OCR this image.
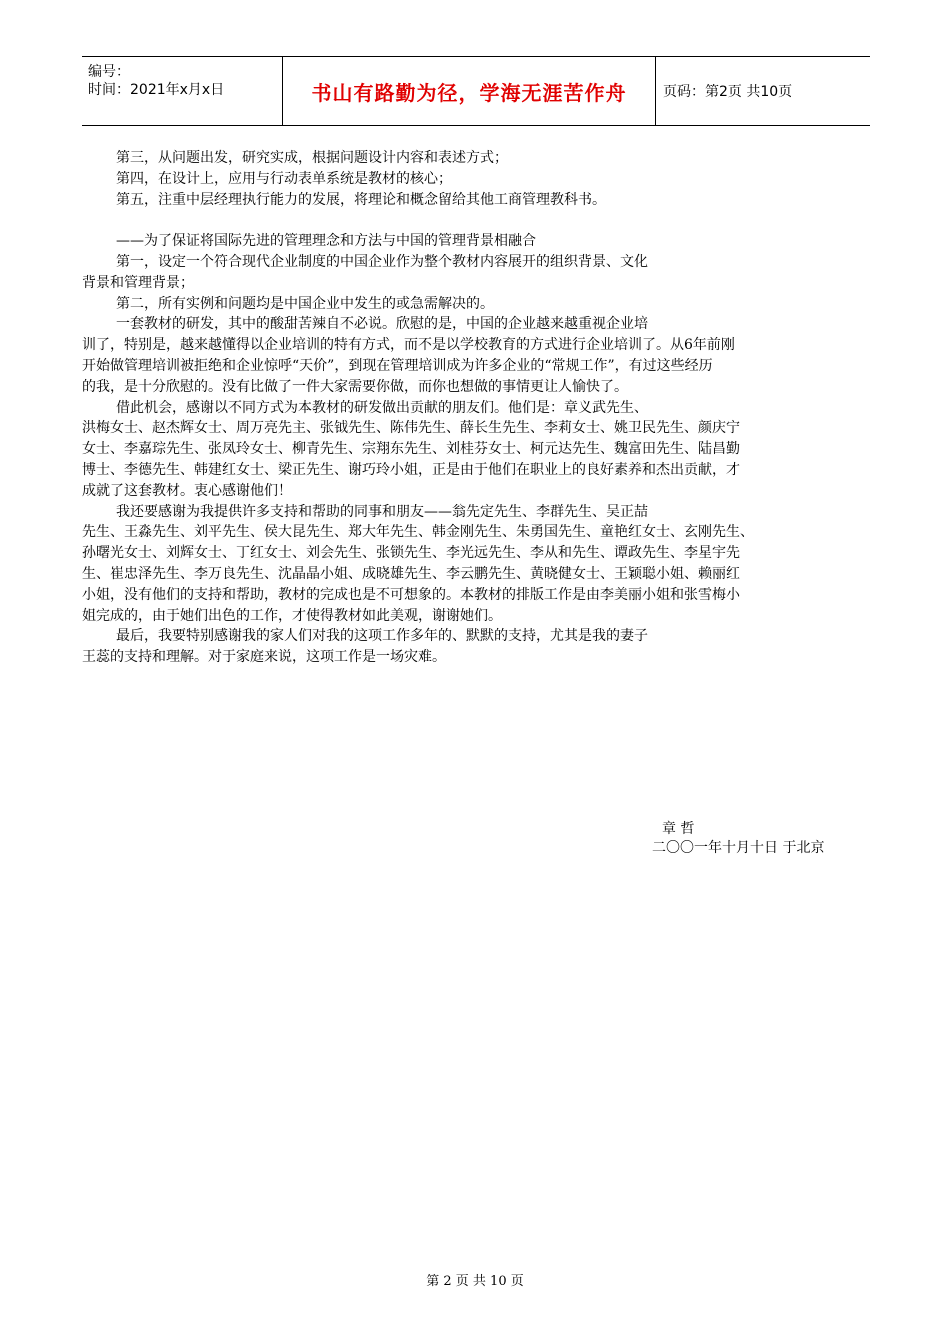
编号：
时间：2021年x月x日	书山有路勤为径，学海无涯苦作舟	页码：第2页 共10页

第三，从问题出发，研究实成，根据问题设计内容和表述方式；

第四，在设计上，应用与行动表单系统是教材的核心；

第五，注重中层经理执行能力的发展，将理论和概念留给其他工商管理教科书。

——为了保证将国际先进的管理理念和方法与中国的管理背景相融合

第一，设定一个符合现代企业制度的中国企业作为整个教材内容展开的组织背景、文化

背景和管理背景；

第二，所有实例和问题均是中国企业中发生的或急需解决的。

一套教材的研发，其中的酸甜苦辣自不必说。欣慰的是，中国的企业越来越重视企业培

训了，特别是，越来越懂得以企业培训的特有方式，而不是以学校教育的方式进行企业培训了。从6年前刚

开始做管理培训被拒绝和企业惊呼“天价”，到现在管理培训成为许多企业的“常规工作”，有过这些经历

的我，是十分欣慰的。没有比做了一件大家需要你做，而你也想做的事情更让人愉快了。

借此机会，感谢以不同方式为本教材的研发做出贡献的朋友们。他们是：章义武先生、

洪梅女士、赵杰辉女士、周万亮先主、张钺先生、陈伟先生、薛长生先生、李莉女士、姚卫民先生、颜庆宁

女士、李嘉琮先生、张凤玲女士、柳青先生、宗翔东先生、刘桂芬女士、柯元达先生、魏富田先生、陆昌勤

博士、李德先生、韩建红女士、梁正先生、谢巧玲小姐，正是由于他们在职业上的良好素养和杰出贡献，才

成就了这套教材。衷心感谢他们！

我还要感谢为我提供许多支持和帮助的同事和朋友——翁先定先生、李群先生、吴正喆

先生、王淼先生、刘平先生、侯大昆先生、郑大年先生、韩金刚先生、朱勇国先生、童艳红女士、玄刚先生、

孙曙光女士、刘辉女士、丁红女士、刘会先生、张锁先生、李光远先生、李从和先生、谭政先生、李星宇先

生、崔忠泽先生、李万良先生、沈晶晶小姐、成晓雄先生、李云鹏先生、黄晓健女士、王颖聪小姐、赖丽红

小姐，没有他们的支持和帮助，教材的完成也是不可想象的。本教材的排版工作是由李美丽小姐和张雪梅小

姐完成的，由于她们出色的工作，才使得教材如此美观，谢谢她们。

最后，我要特别感谢我的家人们对我的这项工作多年的、默默的支持，尤其是我的妻子

王蕊的支持和理解。对于家庭来说，这项工作是一场灾难。

章 哲
二〇〇一年十月十日 于北京
第 2 页 共 10 页
